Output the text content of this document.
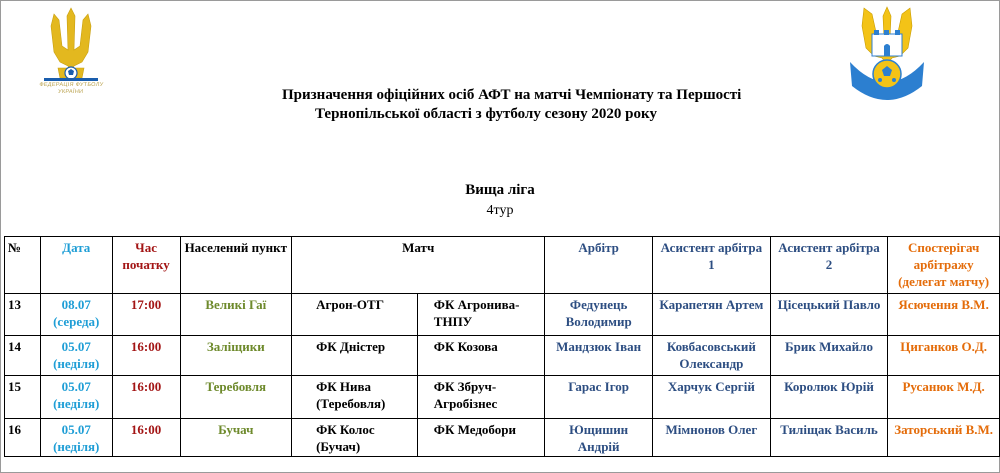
ФЕДЕРАЦІЯ ФУТБОЛУ УКРАЇНИ	Призначення офіційних осіб АФТ на матчі Чемпіонату та Першості
Тернопільської області з футболу сезону 2020 року
Вища ліга
4тур
№	Дата	Час початку	Населений пункт	Матч		Арбітр	Асистент арбітра 1	Асистент арбітра 2	Спостерігач арбітражу (делегат матчу)
13	08.07 (середа)	17:00	Великі Гаї	Агрон-ОТГ	ФК Агронива-ТНПУ	Федунець Володимир	Карапетян Артем	Цісецький Павло	Ясючення В.М.
14	05.07 (неділя)	16:00	Заліщики	ФК Дністер	ФК Козова	Мандзюк Іван	Ковбасовський Олександр	Брик Михайло	Циганков О.Д.
15	05.07 (неділя)	16:00	Теребовля	ФК Нива (Теребовля)	ФК Збруч-Агробізнес	Гарас Ігор	Харчук Сергій	Королюк Юрій	Русанюк М.Д.
16	05.07 (неділя)	16:00	Бучач	ФК Колос (Бучач)	ФК Медобори	Ющишин Андрій	Мімнонов Олег	Тиліщак Василь	Заторський В.М.
